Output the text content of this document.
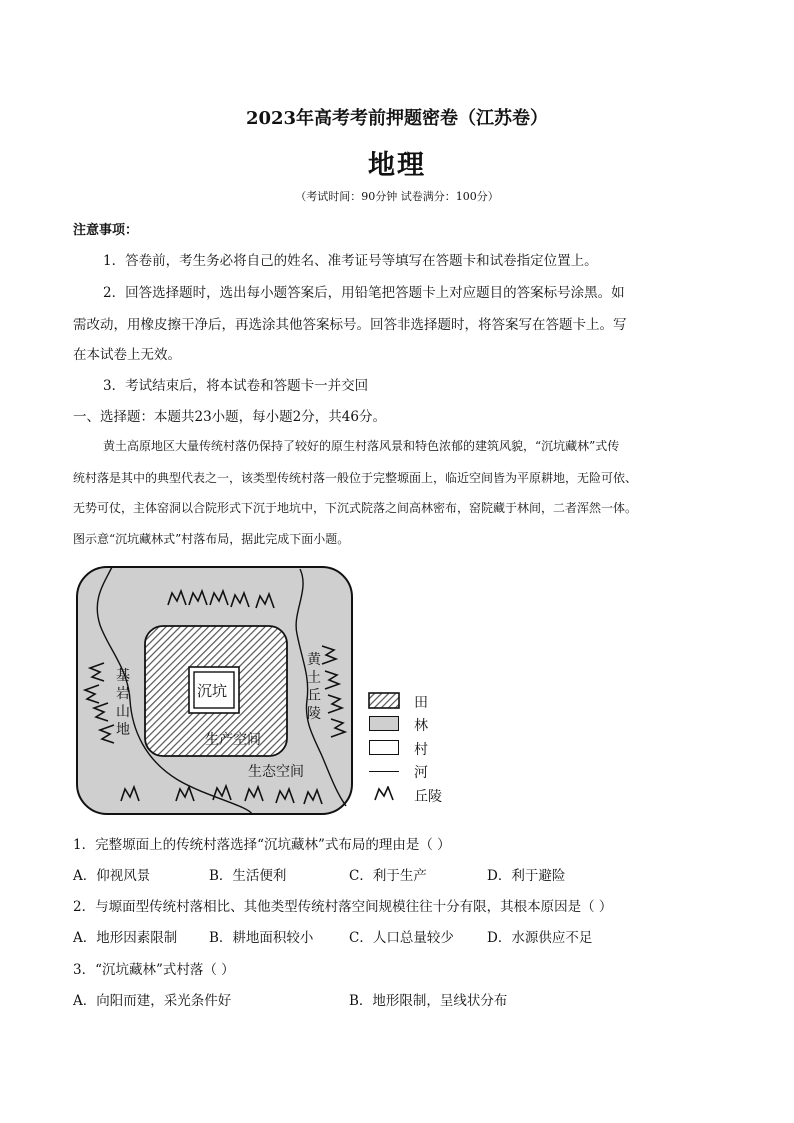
2023年高考考前押题密卷（江苏卷）
地理
（考试时间：90分钟 试卷满分：100分）
注意事项：
1．答卷前，考生务必将自己的姓名、准考证号等填写在答题卡和试卷指定位置上。
2．回答选择题时，选出每小题答案后，用铅笔把答题卡上对应题目的答案标号涂黑。如
需改动，用橡皮擦干净后，再选涂其他答案标号。回答非选择题时，将答案写在答题卡上。写
在本试卷上无效。
3．考试结束后，将本试卷和答题卡一并交回
一、选择题：本题共23小题，每小题2分，共46分。
黄土高原地区大量传统村落仍保持了较好的原生村落风景和特色浓郁的建筑风貌，“沉坑藏林”式传
统村落是其中的典型代表之一，该类型传统村落一般位于完整塬面上，临近空间皆为平原耕地，无险可依、
无势可仗，主体窑洞以合院形式下沉于地坑中，下沉式院落之间高林密布，窑院藏于林间，二者浑然一体。
图示意“沉坑藏林式”村落布局，据此完成下面小题。
沉坑
生产空间
生态空间
基
岩
山
地
黄
土
丘
陵
田
林
村
河
丘陵
1．完整塬面上的传统村落选择“沉坑藏林”式布局的理由是（ ）
A．仰视风景	B．生活便利	C．利于生产	D．利于避险
2．与塬面型传统村落相比、其他类型传统村落空间规模往往十分有限，其根本原因是（ ）
A．地形因素限制 B．耕地面积较小	C．人口总量较少 D．水源供应不足
3．“沉坑藏林”式村落（ ）
A．向阳而建，采光条件好	B．地形限制，呈线状分布
